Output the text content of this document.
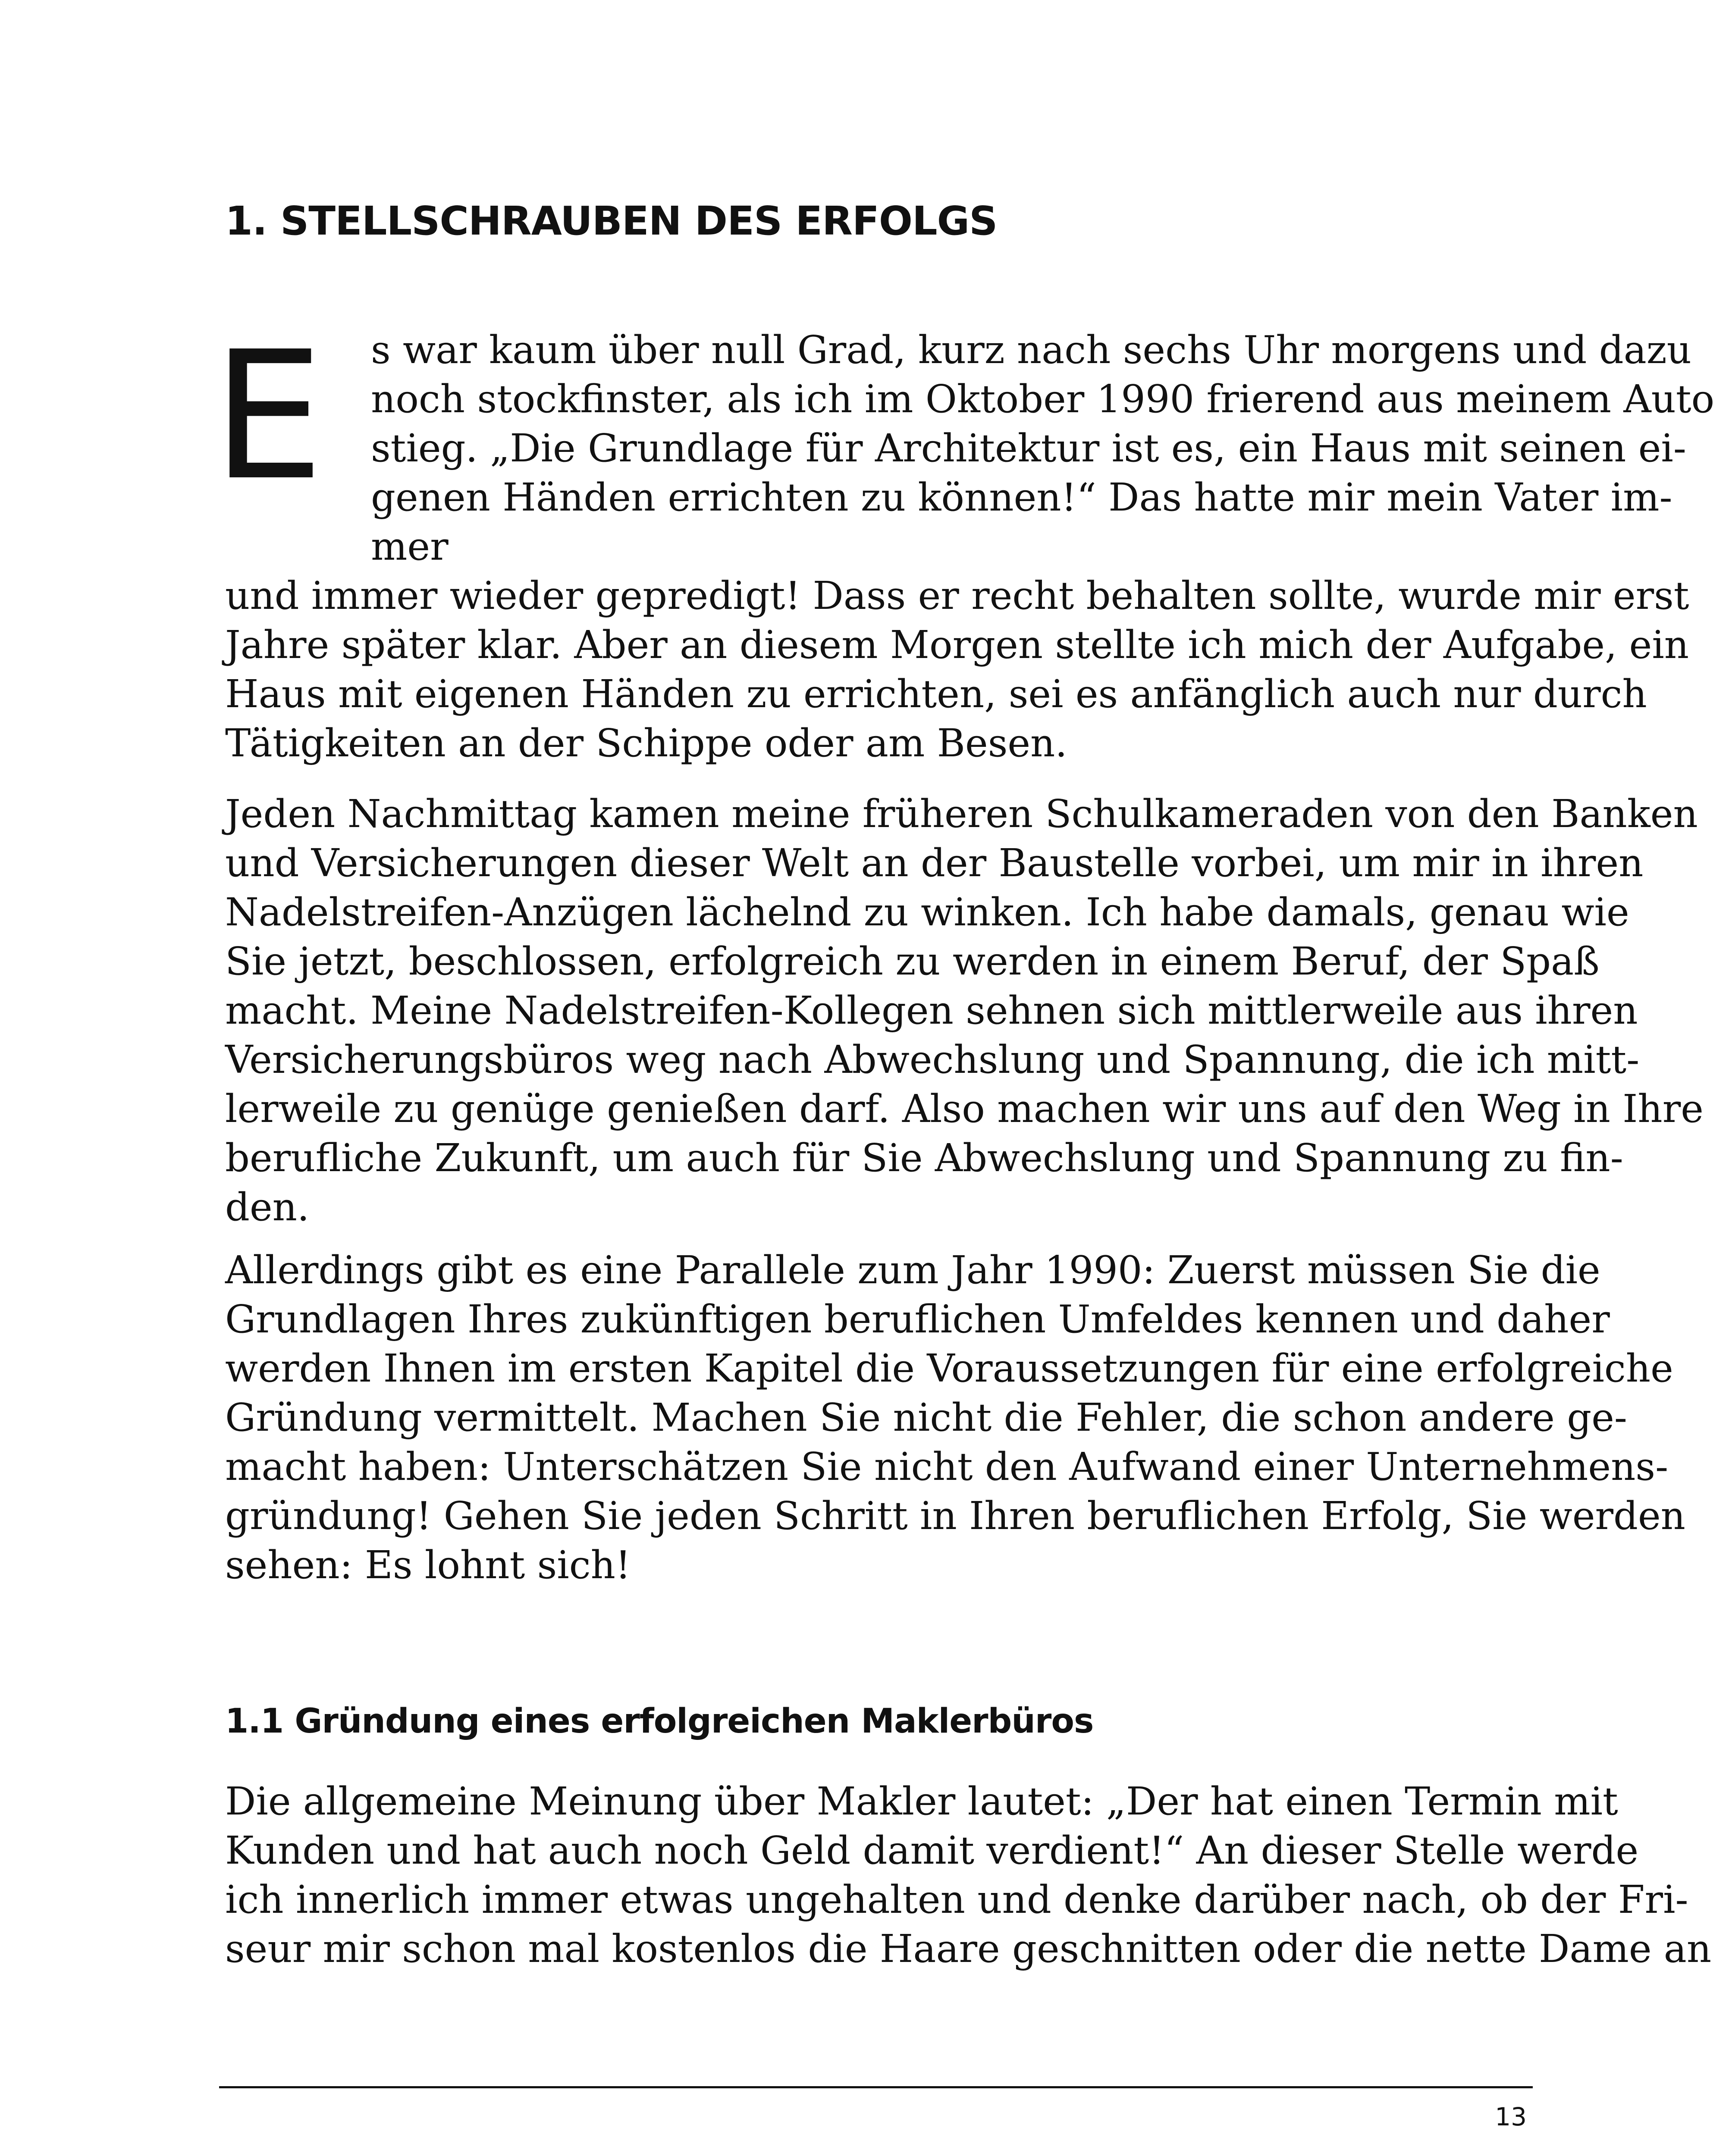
1. STELLSCHRAUBEN DES ERFOLGS
E s war kaum über null Grad, kurz nach sechs Uhr morgens und dazu
noch stockfinster, als ich im Oktober 1990 frierend aus meinem Auto
stieg. „Die Grundlage für Architektur ist es, ein Haus mit seinen ei-
genen Händen errichten zu können!“ Das hatte mir mein Vater im-
mer
und immer wieder gepredigt! Dass er recht behalten sollte, wurde mir erst
Jahre später klar. Aber an diesem Morgen stellte ich mich der Aufgabe, ein
Haus mit eigenen Händen zu errichten, sei es anfänglich auch nur durch
Tätigkeiten an der Schippe oder am Besen.
Jeden Nachmittag kamen meine früheren Schulkameraden von den Banken
und Versicherungen dieser Welt an der Baustelle vorbei, um mir in ihren
Nadelstreifen-Anzügen lächelnd zu winken. Ich habe damals, genau wie
Sie jetzt, beschlossen, erfolgreich zu werden in einem Beruf, der Spaß
macht. Meine Nadelstreifen-Kollegen sehnen sich mittlerweile aus ihren
Versicherungsbüros weg nach Abwechslung und Spannung, die ich mitt-
lerweile zu genüge genießen darf. Also machen wir uns auf den Weg in Ihre
berufliche Zukunft, um auch für Sie Abwechslung und Spannung zu fin-
den.
Allerdings gibt es eine Parallele zum Jahr 1990: Zuerst müssen Sie die
Grundlagen Ihres zukünftigen beruflichen Umfeldes kennen und daher
werden Ihnen im ersten Kapitel die Voraussetzungen für eine erfolgreiche
Gründung vermittelt. Machen Sie nicht die Fehler, die schon andere ge-
macht haben: Unterschätzen Sie nicht den Aufwand einer Unternehmens-
gründung! Gehen Sie jeden Schritt in Ihren beruflichen Erfolg, Sie werden
sehen: Es lohnt sich!
1.1 Gründung eines erfolgreichen Maklerbüros
Die allgemeine Meinung über Makler lautet: „Der hat einen Termin mit
Kunden und hat auch noch Geld damit verdient!“ An dieser Stelle werde
ich innerlich immer etwas ungehalten und denke darüber nach, ob der Fri-
seur mir schon mal kostenlos die Haare geschnitten oder die nette Dame an
13
